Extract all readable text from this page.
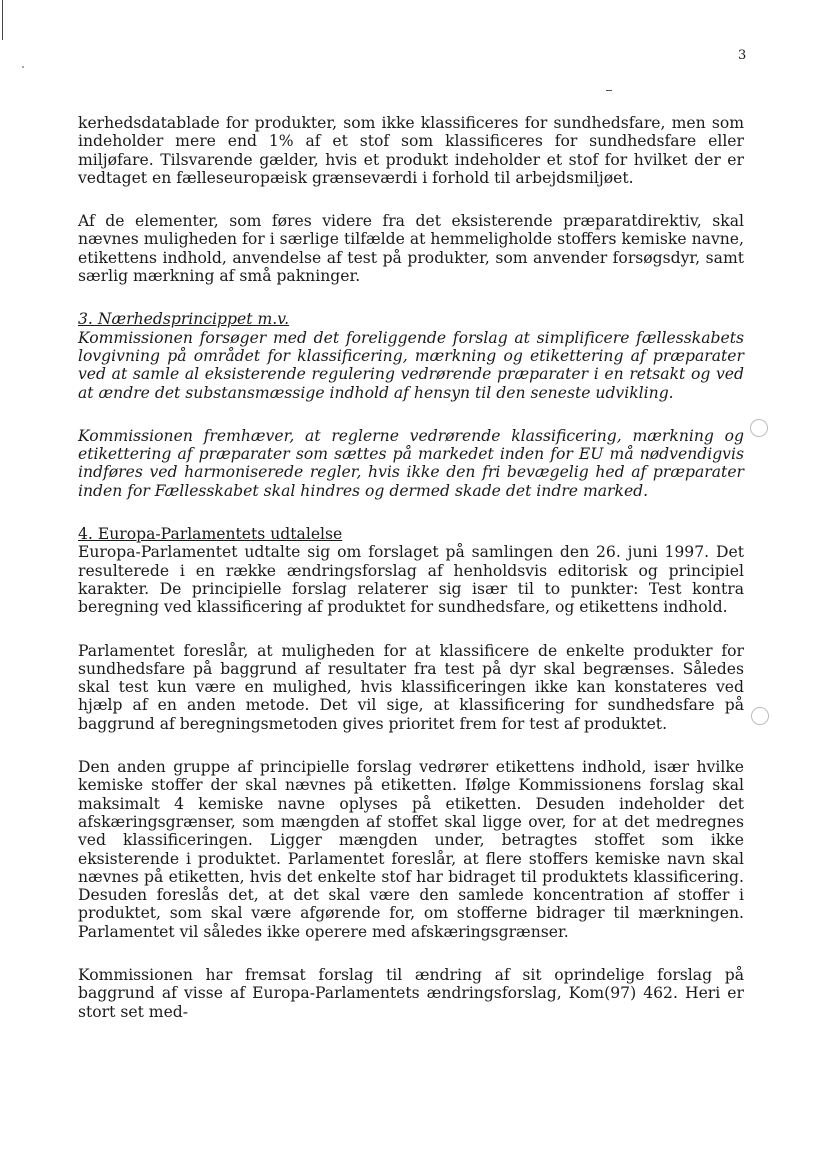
3

kerhedsdatablade for produkter, som ikke klassificeres for sundhedsfare, men som indeholder mere end 1% af et stof som klassificeres for sundhedsfare eller miljøfare. Tilsvarende gælder, hvis et produkt indeholder et stof for hvilket der er vedtaget en fælleseuropæisk grænseværdi i forhold til arbejdsmiljøet.

Af de elementer, som føres videre fra det eksisterende præparatdirektiv, skal nævnes muligheden for i særlige tilfælde at hemmeligholde stoffers kemiske navne, etikettens indhold, anvendelse af test på produkter, som anvender forsøgsdyr, samt særlig mærkning af små pakninger.

3. Nærhedsprincippet m.v.

Kommissionen forsøger med det foreliggende forslag at simplificere fællesskabets lovgivning på området for klassificering, mærkning og etikettering af præparater ved at samle al eksisterende regulering vedrørende præparater i en retsakt og ved at ændre det substansmæssige indhold af hensyn til den seneste udvikling.

Kommissionen fremhæver, at reglerne vedrørende klassificering, mærkning og etikettering af præparater som sættes på markedet inden for EU må nødvendigvis indføres ved harmoniserede regler, hvis ikke den fri bevægelig hed af præparater inden for Fællesskabet skal hindres og dermed skade det indre marked.

4. Europa-Parlamentets udtalelse

Europa-Parlamentet udtalte sig om forslaget på samlingen den 26. juni 1997. Det resulterede i en række ændringsforslag af henholdsvis editorisk og principiel karakter. De principielle forslag relaterer sig især til to punkter: Test kontra beregning ved klassificering af produktet for sundhedsfare, og etikettens indhold.

Parlamentet foreslår, at muligheden for at klassificere de enkelte produkter for sundhedsfare på baggrund af resultater fra test på dyr skal begrænses. Således skal test kun være en mulighed, hvis klassificeringen ikke kan konstateres ved hjælp af en anden metode. Det vil sige, at klassificering for sundhedsfare på baggrund af beregningsmetoden gives prioritet frem for test af produktet.

Den anden gruppe af principielle forslag vedrører etikettens indhold, især hvilke kemiske stoffer der skal nævnes på etiketten. Ifølge Kommissionens forslag skal maksimalt 4 kemiske navne oplyses på etiketten. Desuden indeholder det afskæringsgrænser, som mængden af stoffet skal ligge over, for at det medregnes ved klassificeringen. Ligger mængden under, betragtes stoffet som ikke eksisterende i produktet. Parlamentet foreslår, at flere stoffers kemiske navn skal nævnes på etiketten, hvis det enkelte stof har bidraget til produktets klassificering. Desuden foreslås det, at det skal være den samlede koncentration af stoffer i produktet, som skal være afgørende for, om stofferne bidrager til mærkningen. Parlamentet vil således ikke operere med afskæringsgrænser.

Kommissionen har fremsat forslag til ændring af sit oprindelige forslag på baggrund af visse af Europa-Parlamentets ændringsforslag, Kom(97) 462. Heri er stort set med-
